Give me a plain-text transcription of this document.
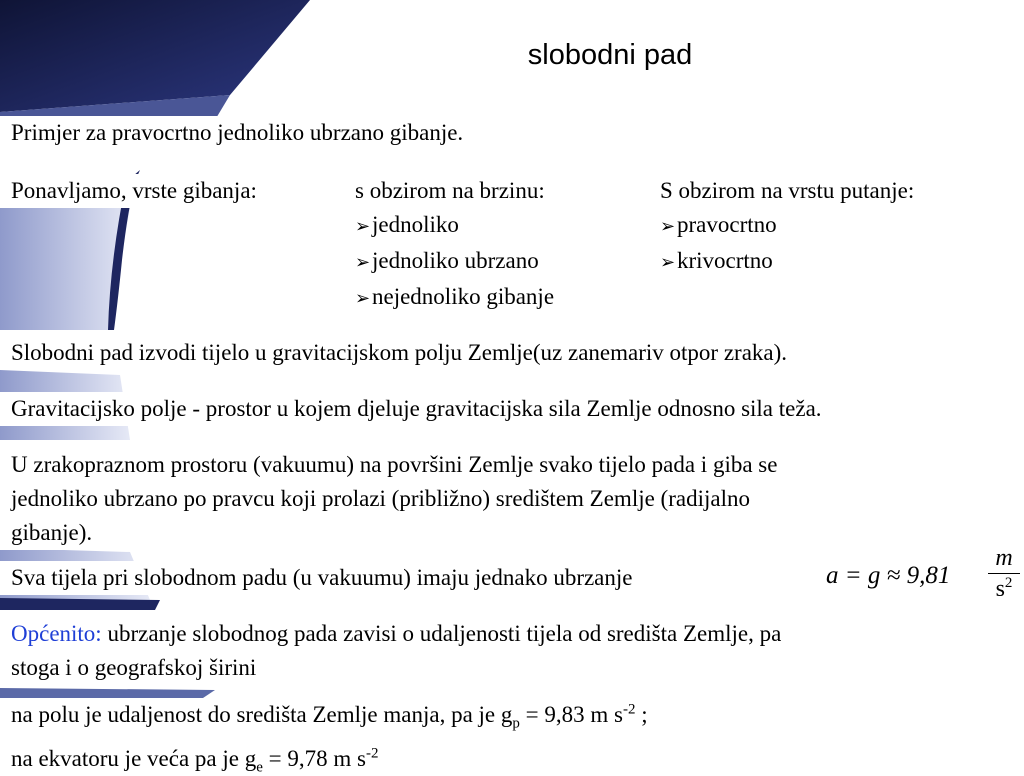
slobodni pad
Primjer za pravocrtno jednoliko ubrzano gibanje.
Ponavljamo, vrste gibanja:	s obzirom na brzinu:
➢jednoliko
➢jednoliko ubrzano
➢nejednoliko gibanje
S obzirom na vrstu putanje:
➢pravocrtno
➢krivocrtno
Slobodni pad izvodi tijelo u gravitacijskom polju Zemlje(uz zanemariv otpor zraka).
Gravitacijsko polje - prostor u kojem djeluje gravitacijska sila Zemlje odnosno sila teža.
U zrakopraznom prostoru (vakuumu) na površini Zemlje svako tijelo pada i giba se
jednoliko ubrzano po pravcu koji prolazi (približno) središtem Zemlje (radijalno
gibanje).
Sva tijela pri slobodnom padu (u vakuumu) imaju jednako ubrzanje	$a = g \approx 9,81 \frac{m}{s^2}$
Općenito: ubrzanje slobodnog pada zavisi o udaljenosti tijela od središta Zemlje, pa
stoga i o geografskoj širini
na polu je udaljenost do središta Zemlje manja, pa je $g_p = 9,83$ m $s^{-2}$ ;
na ekvatoru je veća pa je $g_e = 9,78$ m $s^{-2}$
